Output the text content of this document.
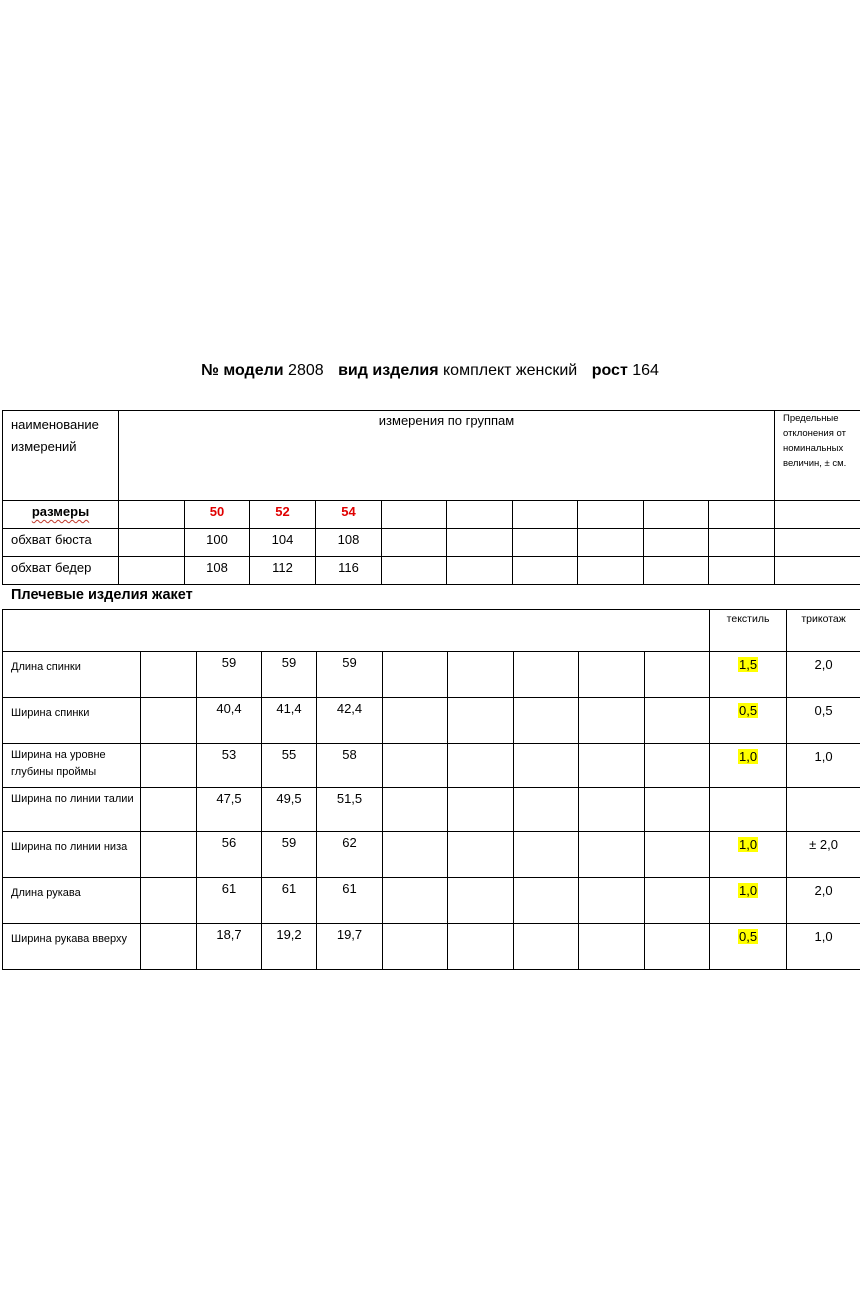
№ модели 2808 вид изделия комплект женский рост 164
наименование измерений	измерения по группам										Предельные отклонения от номинальных величин, ± см.
размеры		50	52	54							
обхват бюста		100	104	108							
обхват бедер		108	112	116							
Плечевые изделия жакет
										текстиль	трикотаж
Длина спинки		59	59	59						1,5	2,0
Ширина спинки		40,4	41,4	42,4						0,5	0,5
Ширина на уровне глубины проймы		53	55	58						1,0	1,0
Ширина по линии талии		47,5	49,5	51,5							
Ширина по линии низа		56	59	62						1,0	± 2,0
Длина рукава		61	61	61						1,0	2,0
Ширина рукава вверху		18,7	19,2	19,7						0,5	1,0
